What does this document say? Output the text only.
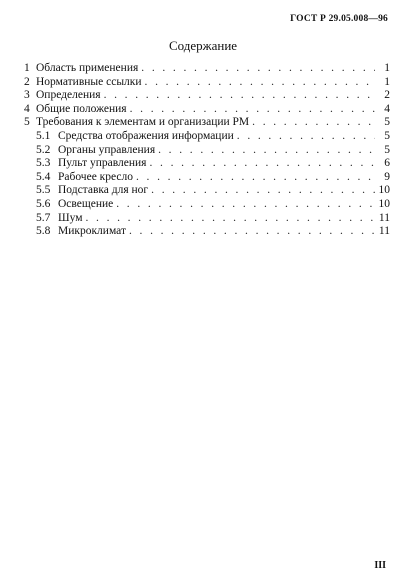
ГОСТ Р 29.05.008—96
Содержание
1 Область применения . . .	1
2 Нормативные ссылки . . .	1
3 Определения . . .	2
4 Общие положения . . .	4
5 Требования к элементам и организации РМ . . .	5
5.1 Средства отображения информации . . .	5
5.2 Органы управления . . .	5
5.3 Пульт управления . . .	6
5.4 Рабочее кресло . . .	9
5.5 Подставка для ног . . .	10
5.6 Освещение . . .	10
5.7 Шум . . .	11
5.8 Микроклимат . . .	11
III
